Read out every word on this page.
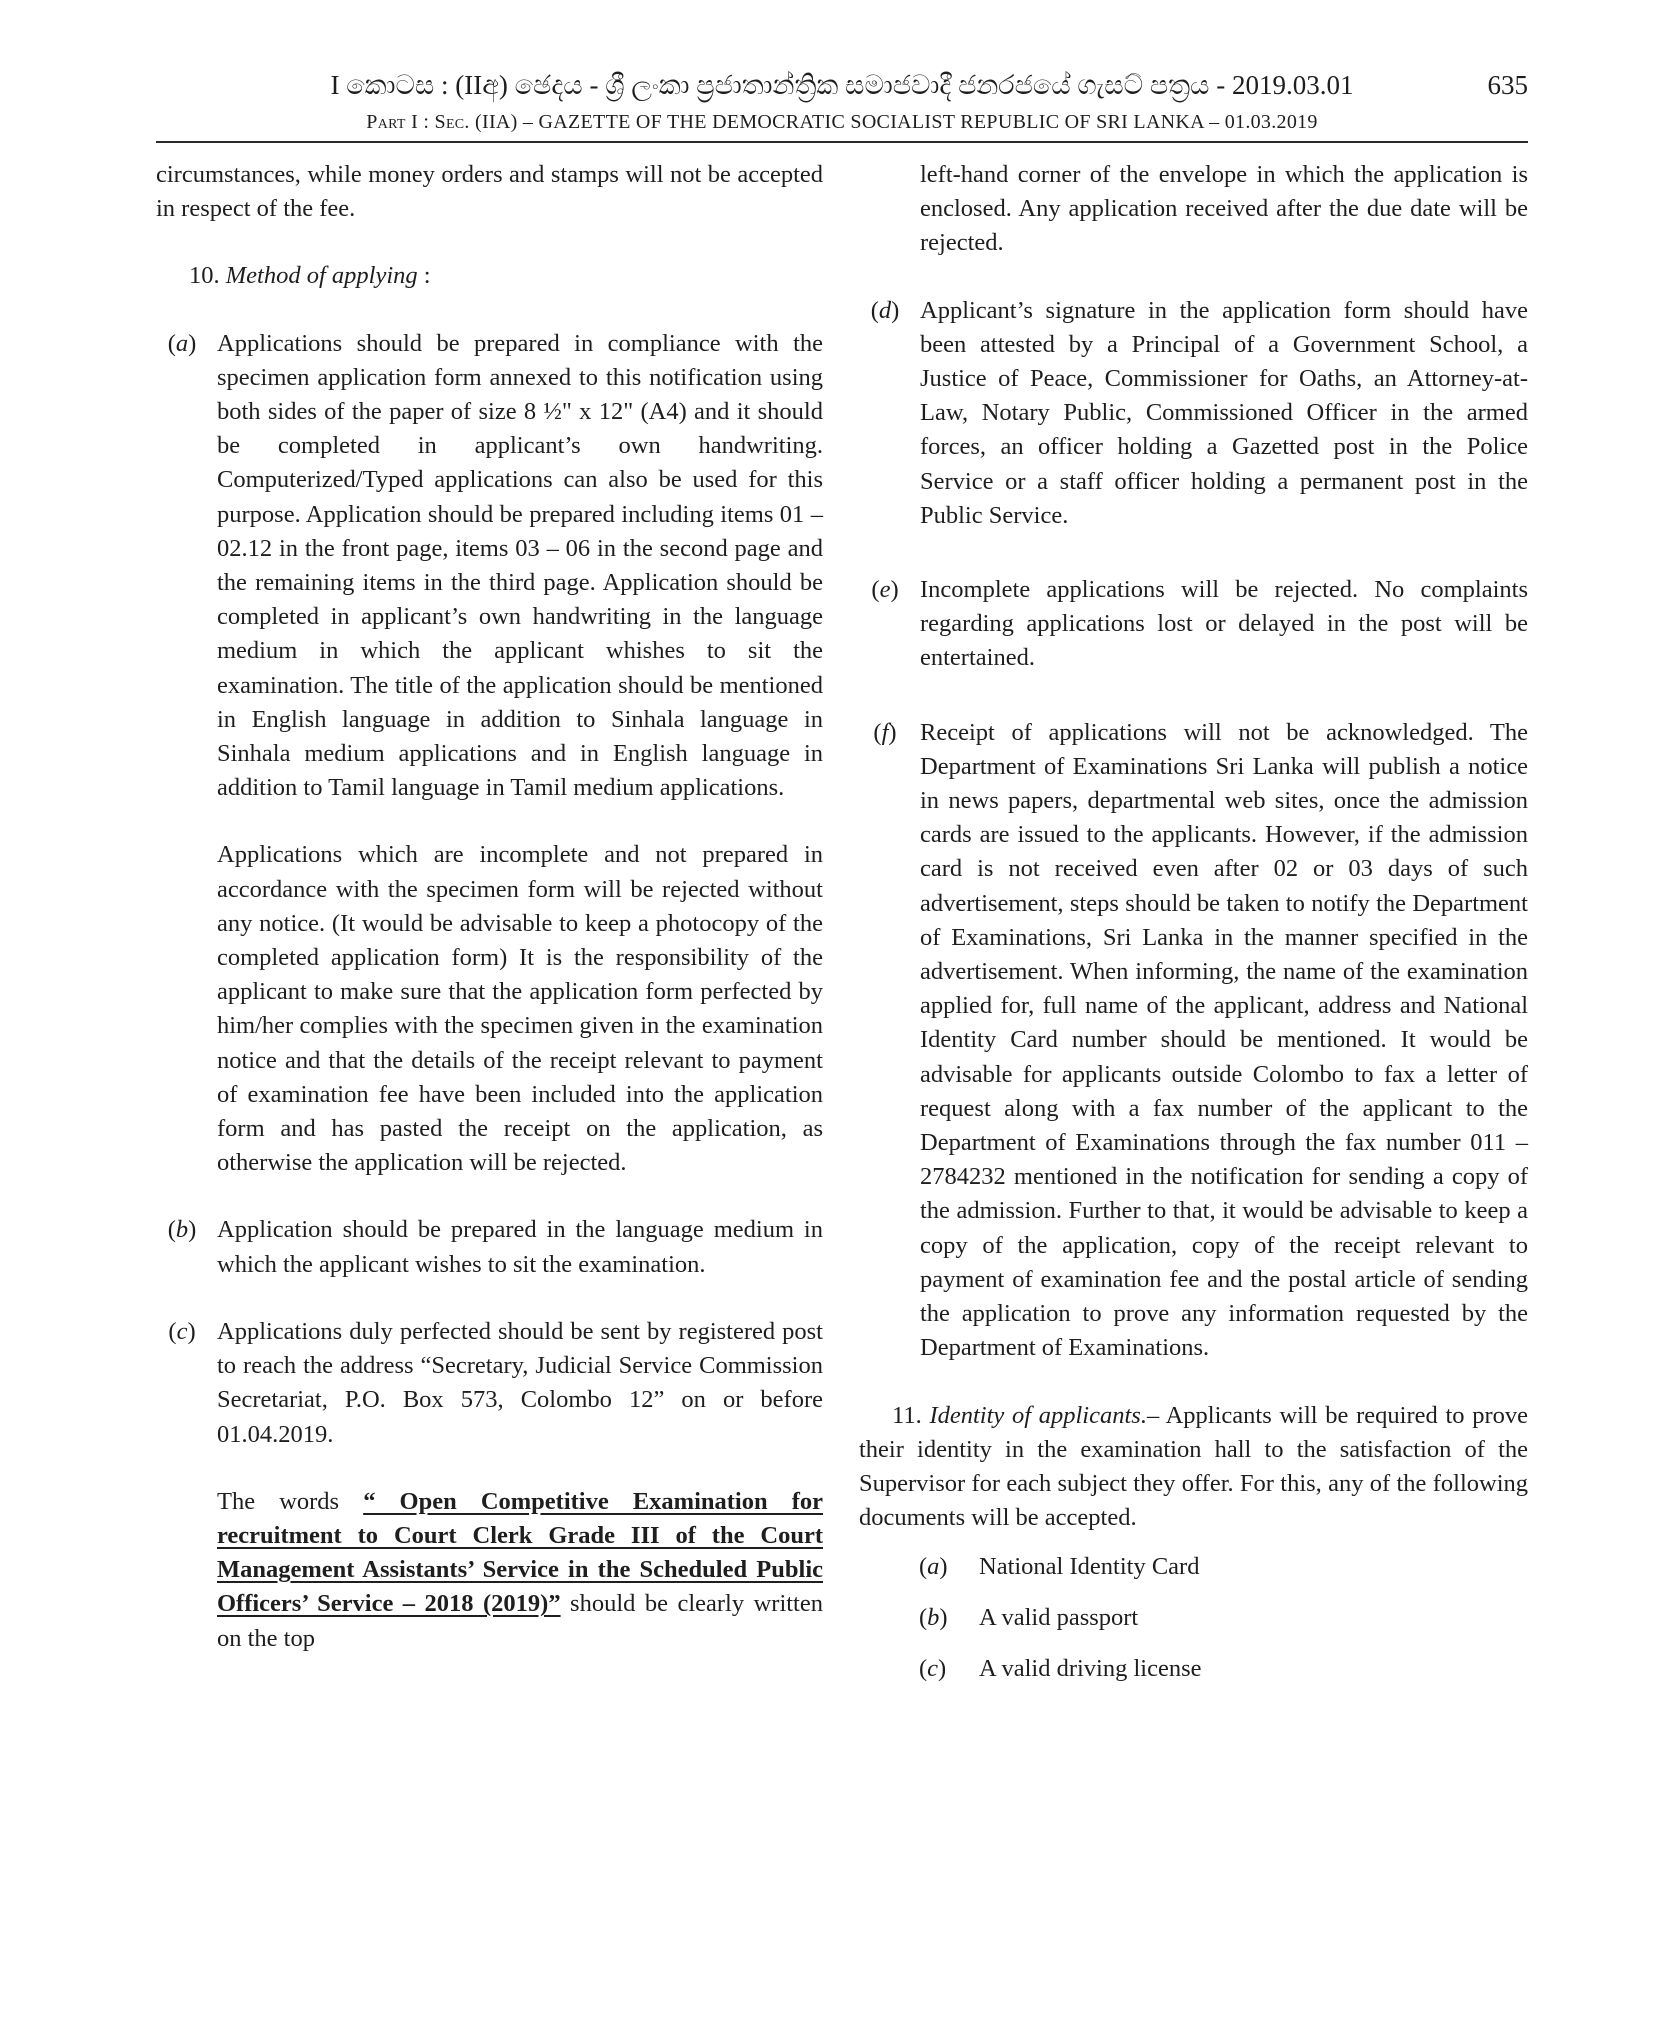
I කොටස : (IIඅ) ඡෙදය - ශ්‍රී ලංකා ප්‍රජාතාන්ත්‍රික සමාජවාදී ජනරජයේ ගැසට් පත්‍රය - 2019.03.01	635
Part I : Sec. (IIA) – GAZETTE OF THE DEMOCRATIC SOCIALIST REPUBLIC OF SRI LANKA – 01.03.2019

circumstances, while money orders and stamps will not be accepted in respect of the fee.

10. Method of applying :

(a) Applications should be prepared in compliance with the specimen application form annexed to this notification using both sides of the paper of size 8 ½" x 12" (A4) and it should be completed in applicant’s own handwriting. Computerized/Typed applications can also be used for this purpose. Application should be prepared including items 01 – 02.12 in the front page, items 03 – 06 in the second page and the remaining items in the third page. Application should be completed in applicant’s own handwriting in the language medium in which the applicant whishes to sit the examination. The title of the application should be mentioned in English language in addition to Sinhala language in Sinhala medium applications and in English language in addition to Tamil language in Tamil medium applications.

Applications which are incomplete and not prepared in accordance with the specimen form will be rejected without any notice. (It would be advisable to keep a photocopy of the completed application form) It is the responsibility of the applicant to make sure that the application form perfected by him/her complies with the specimen given in the examination notice and that the details of the receipt relevant to payment of examination fee have been included into the application form and has pasted the receipt on the application, as otherwise the application will be rejected.

(b) Application should be prepared in the language medium in which the applicant wishes to sit the examination.

(c) Applications duly perfected should be sent by registered post to reach the address “Secretary, Judicial Service Commission Secretariat, P.O. Box 573, Colombo 12” on or before 01.04.2019.

The words “ Open Competitive Examination for recruitment to Court Clerk Grade III of the Court Management Assistants’ Service in the Scheduled Public Officers’ Service – 2018 (2019)” should be clearly written on the top

left-hand corner of the envelope in which the application is enclosed. Any application received after the due date will be rejected.

(d) Applicant’s signature in the application form should have been attested by a Principal of a Government School, a Justice of Peace, Commissioner for Oaths, an Attorney-at-Law, Notary Public, Commissioned Officer in the armed forces, an officer holding a Gazetted post in the Police Service or a staff officer holding a permanent post in the Public Service.

(e) Incomplete applications will be rejected. No complaints regarding applications lost or delayed in the post will be entertained.

(f) Receipt of applications will not be acknowledged. The Department of Examinations Sri Lanka will publish a notice in news papers, departmental web sites, once the admission cards are issued to the applicants. However, if the admission card is not received even after 02 or 03 days of such advertisement, steps should be taken to notify the Department of Examinations, Sri Lanka in the manner specified in the advertisement. When informing, the name of the examination applied for, full name of the applicant, address and National Identity Card number should be mentioned. It would be advisable for applicants outside Colombo to fax a letter of request along with a fax number of the applicant to the Department of Examinations through the fax number 011 – 2784232 mentioned in the notification for sending a copy of the admission. Further to that, it would be advisable to keep a copy of the application, copy of the receipt relevant to payment of examination fee and the postal article of sending the application to prove any information requested by the Department of Examinations.

11. Identity of applicants.– Applicants will be required to prove their identity in the examination hall to the satisfaction of the Supervisor for each subject they offer. For this, any of the following documents will be accepted.

(a)	National Identity Card
(b)	A valid passport
(c)	A valid driving license
